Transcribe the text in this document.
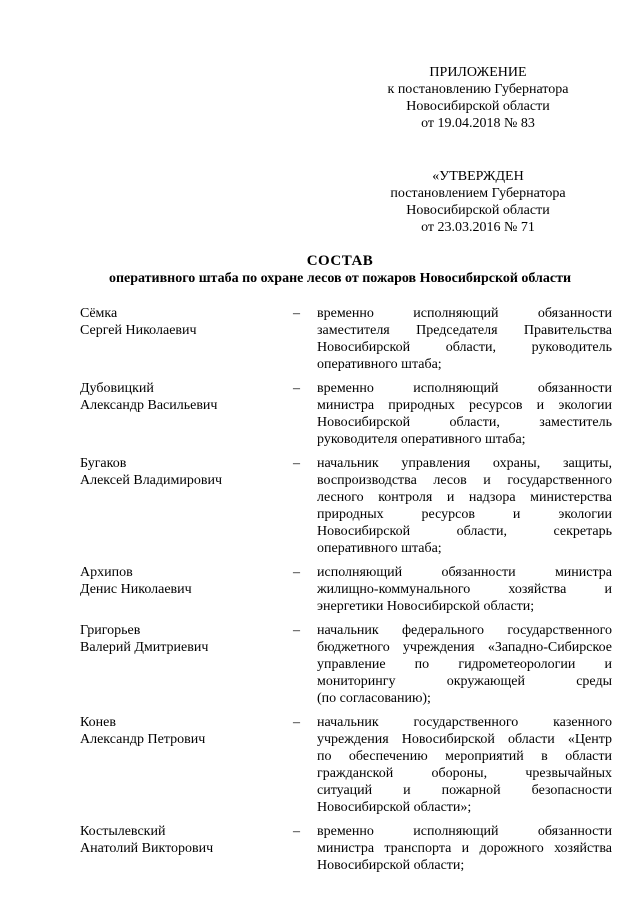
ПРИЛОЖЕНИЕ
к постановлению Губернатора
Новосибирской области
от 19.04.2018 № 83
«УТВЕРЖДЕН
постановлением Губернатора
Новосибирской области
от 23.03.2016 № 71
СОСТАВ
оперативного штаба по охране лесов от пожаров Новосибирской области
Сёмка
Сергей Николаевич
–	временно исполняющий обязанности
заместителя Председателя Правительства
Новосибирской области, руководитель
оперативного штаба;
Дубовицкий
Александр Васильевич
–	временно исполняющий обязанности
министра природных ресурсов и экологии
Новосибирской области, заместитель
руководителя оперативного штаба;
Бугаков
Алексей Владимирович
–	начальник управления охраны, защиты,
воспроизводства лесов и государственного
лесного контроля и надзора министерства
природных ресурсов и экологии
Новосибирской области, секретарь
оперативного штаба;
Архипов
Денис Николаевич
–	исполняющий обязанности министра
жилищно-коммунального хозяйства и
энергетики Новосибирской области;
Григорьев
Валерий Дмитриевич
–	начальник федерального государственного
бюджетного учреждения «Западно-Сибирское
управление по гидрометеорологии и
мониторингу окружающей среды
(по согласованию);
Конев
Александр Петрович
–	начальник государственного казенного
учреждения Новосибирской области «Центр
по обеспечению мероприятий в области
гражданской обороны, чрезвычайных
ситуаций и пожарной безопасности
Новосибирской области»;
Костылевский
Анатолий Викторович
–	временно исполняющий обязанности
министра транспорта и дорожного хозяйства
Новосибирской области;
